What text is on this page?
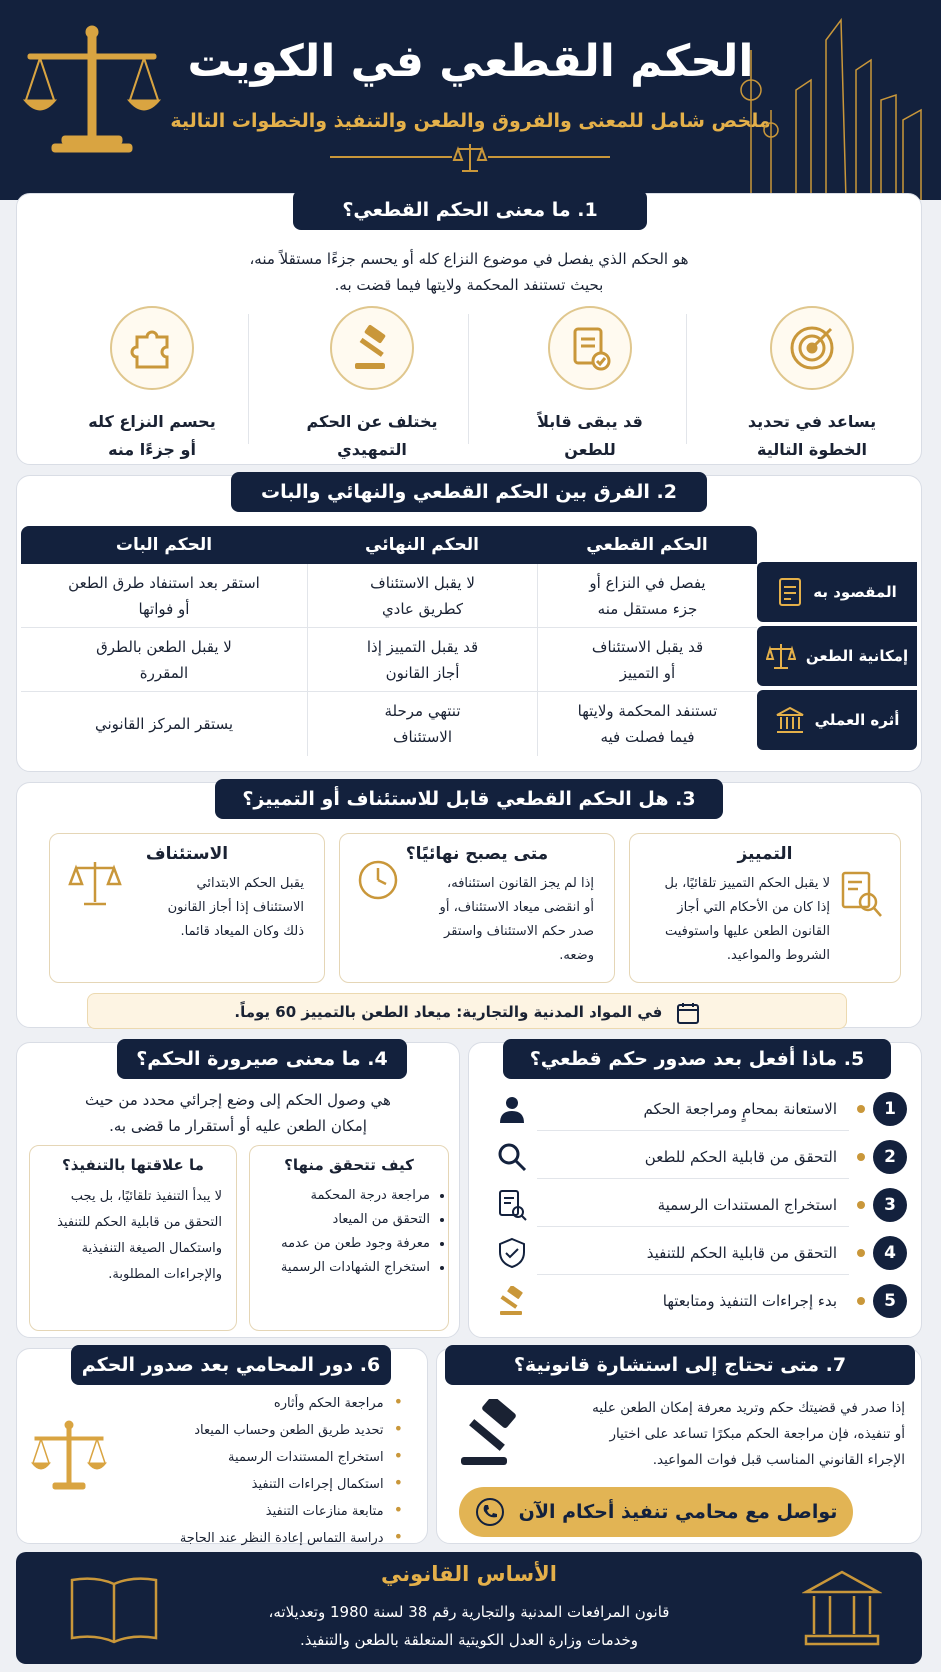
الحكم القطعي في الكويت
ملخص شامل للمعنى والفروق والطعن والتنفيذ والخطوات التالية
1. ما معنى الحكم القطعي؟
هو الحكم الذي يفصل في موضوع النزاع كله أو يحسم جزءًا مستقلاً منه،
بحيث تستنفد المحكمة ولايتها فيما قضت به.
يساعد في تحديد
الخطوة التالية
قد يبقى قابلاً
للطعن
يختلف عن الحكم
التمهيدي
يحسم النزاع كله
أو جزءًا منه
2. الفرق بين الحكم القطعي والنهائي والبات
الحكم القطعي
الحكم النهائي
الحكم البات
المقصود به
إمكانية الطعن
أثره العملي
يفصل في النزاع أو
جزء مستقل منه
لا يقبل الاستئناف
كطريق عادي
استقر بعد استنفاد طرق الطعن
أو فواتها
قد يقبل الاستئناف
أو التمييز
قد يقبل التمييز إذا
أجاز القانون
لا يقبل الطعن بالطرق
المقررة
تستنفد المحكمة ولايتها
فيما فصلت فيه
تنتهي مرحلة
الاستئناف
يستقر المركز القانوني
3. هل الحكم القطعي قابل للاستئناف أو التمييز؟
التمييز
لا يقبل الحكم التمييز تلقائيًا، بل
إذا كان من الأحكام التي أجاز
القانون الطعن عليها واستوفيت
الشروط والمواعيد.
متى يصبح نهائيًا؟
إذا لم يجز القانون استئنافه،
أو انقضى ميعاد الاستئناف، أو
صدر حكم الاستئناف واستقر
وضعه.
الاستئناف
يقبل الحكم الابتدائي
الاستئناف إذا أجاز القانون
ذلك وكان الميعاد قائما.
في المواد المدنية والتجارية: ميعاد الطعن بالتمييز 60 يوماً.
4. ما معنى صيرورة الحكم؟
هي وصول الحكم إلى وضع إجرائي محدد من حيث
إمكان الطعن عليه أو أستقرار ما قضى به.
كيف تتحقق منها؟
• مراجعة درجة المحكمة
• التحقق من الميعاد
• معرفة وجود طعن من عدمه
• استخراج الشهادات الرسمية
ما علاقتها بالتنفيذ؟

لا يبدأ التنفيذ تلقائيًا، بل يجب التحقق من قابلية الحكم للتنفيذ واستكمال الصيغة التنفيذية والإجراءات المطلوبة.

5. ماذا أفعل بعد صدور حكم قطعي؟
1
الاستعانة بمحامٍ ومراجعة الحكم
2
التحقق من قابلية الحكم للطعن
3
استخراج المستندات الرسمية
4
التحقق من قابلية الحكم للتنفيذ
5
بدء إجراءات التنفيذ ومتابعتها
6. دور المحامي بعد صدور الحكم
• مراجعة الحكم وأثاره
• تحديد طريق الطعن وحساب الميعاد
• استخراج المستندات الرسمية
• استكمال إجراءات التنفيذ
• متابعة منازعات التنفيذ
• دراسة التماس إعادة النظر عند الحاجة
7. متى تحتاج إلى استشارة قانونية؟
إذا صدر في قضيتك حكم وتريد معرفة إمكان الطعن عليه
أو تنفيذه، فإن مراجعة الحكم مبكرًا تساعد على اختيار
الإجراء القانوني المناسب قبل فوات المواعيد.
تواصل مع محامي تنفيذ أحكام الآن
الأساس القانوني
قانون المرافعات المدنية والتجارية رقم 38 لسنة 1980 وتعديلاته،
وخدمات وزارة العدل الكويتية المتعلقة بالطعن والتنفيذ.
